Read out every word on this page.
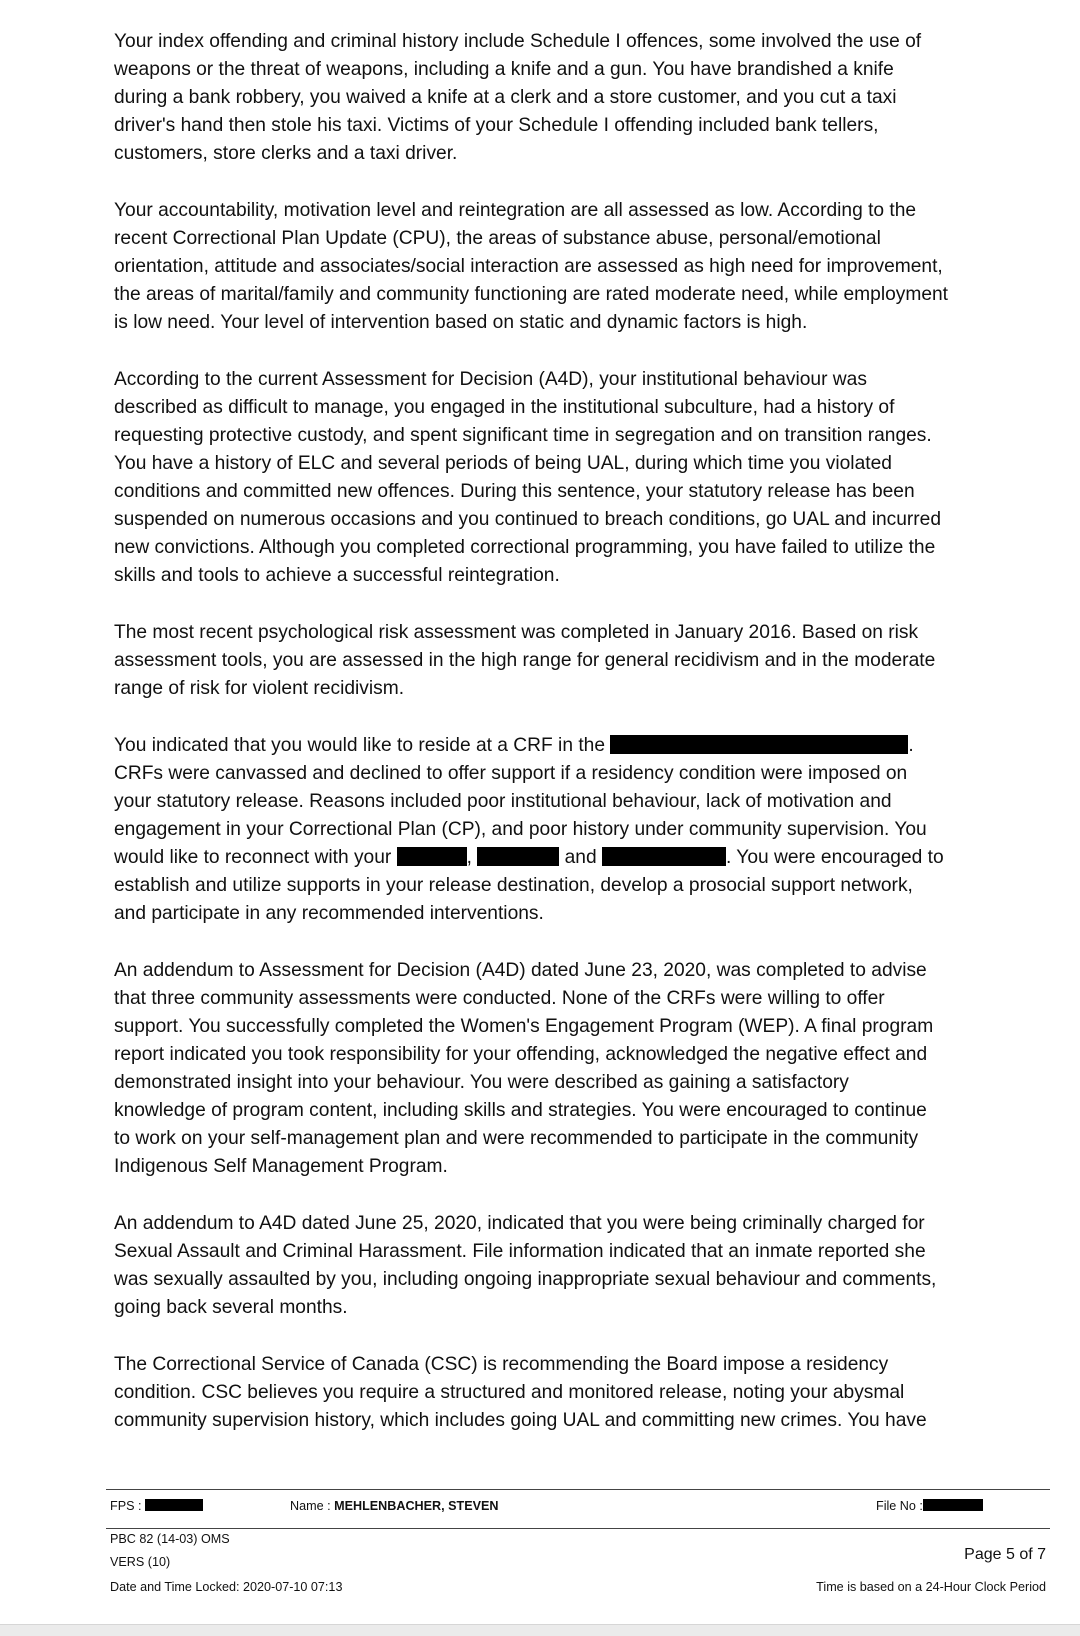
Your index offending and criminal history include Schedule I offences, some involved the use of
weapons or the threat of weapons, including a knife and a gun. You have brandished a knife
during a bank robbery, you waived a knife at a clerk and a store customer, and you cut a taxi
driver's hand then stole his taxi. Victims of your Schedule I offending included bank tellers,
customers, store clerks and a taxi driver.

Your accountability, motivation level and reintegration are all assessed as low. According to the
recent Correctional Plan Update (CPU), the areas of substance abuse, personal/emotional
orientation, attitude and associates/social interaction are assessed as high need for improvement,
the areas of marital/family and community functioning are rated moderate need, while employment
is low need. Your level of intervention based on static and dynamic factors is high.

According to the current Assessment for Decision (A4D), your institutional behaviour was
described as difficult to manage, you engaged in the institutional subculture, had a history of
requesting protective custody, and spent significant time in segregation and on transition ranges.
You have a history of ELC and several periods of being UAL, during which time you violated
conditions and committed new offences. During this sentence, your statutory release has been
suspended on numerous occasions and you continued to breach conditions, go UAL and incurred
new convictions. Although you completed correctional programming, you have failed to utilize the
skills and tools to achieve a successful reintegration.

The most recent psychological risk assessment was completed in January 2016. Based on risk
assessment tools, you are assessed in the high range for general recidivism and in the moderate
range of risk for violent recidivism.

You indicated that you would like to reside at a CRF in the	.
CRFs were canvassed and declined to offer support if a residency condition were imposed on
your statutory release. Reasons included poor institutional behaviour, lack of motivation and
engagement in your Correctional Plan (CP), and poor history under community supervision. You
would like to reconnect with your	,	and	. You were encouraged to
establish and utilize supports in your release destination, develop a prosocial support network,
and participate in any recommended interventions.

An addendum to Assessment for Decision (A4D) dated June 23, 2020, was completed to advise
that three community assessments were conducted. None of the CRFs were willing to offer
support. You successfully completed the Women's Engagement Program (WEP). A final program
report indicated you took responsibility for your offending, acknowledged the negative effect and
demonstrated insight into your behaviour. You were described as gaining a satisfactory
knowledge of program content, including skills and strategies. You were encouraged to continue
to work on your self-management plan and were recommended to participate in the community
Indigenous Self Management Program.

An addendum to A4D dated June 25, 2020, indicated that you were being criminally charged for
Sexual Assault and Criminal Harassment. File information indicated that an inmate reported she
was sexually assaulted by you, including ongoing inappropriate sexual behaviour and comments,
going back several months.

The Correctional Service of Canada (CSC) is recommending the Board impose a residency
condition. CSC believes you require a structured and monitored release, noting your abysmal
community supervision history, which includes going UAL and committing new crimes. You have

FPS :	Name : MEHLENBACHER, STEVEN	File No :
PBC 82 (14-03) OMS
VERS (10)
Date and Time Locked: 2020-07-10 07:13
Page 5 of 7
Time is based on a 24-Hour Clock Period
